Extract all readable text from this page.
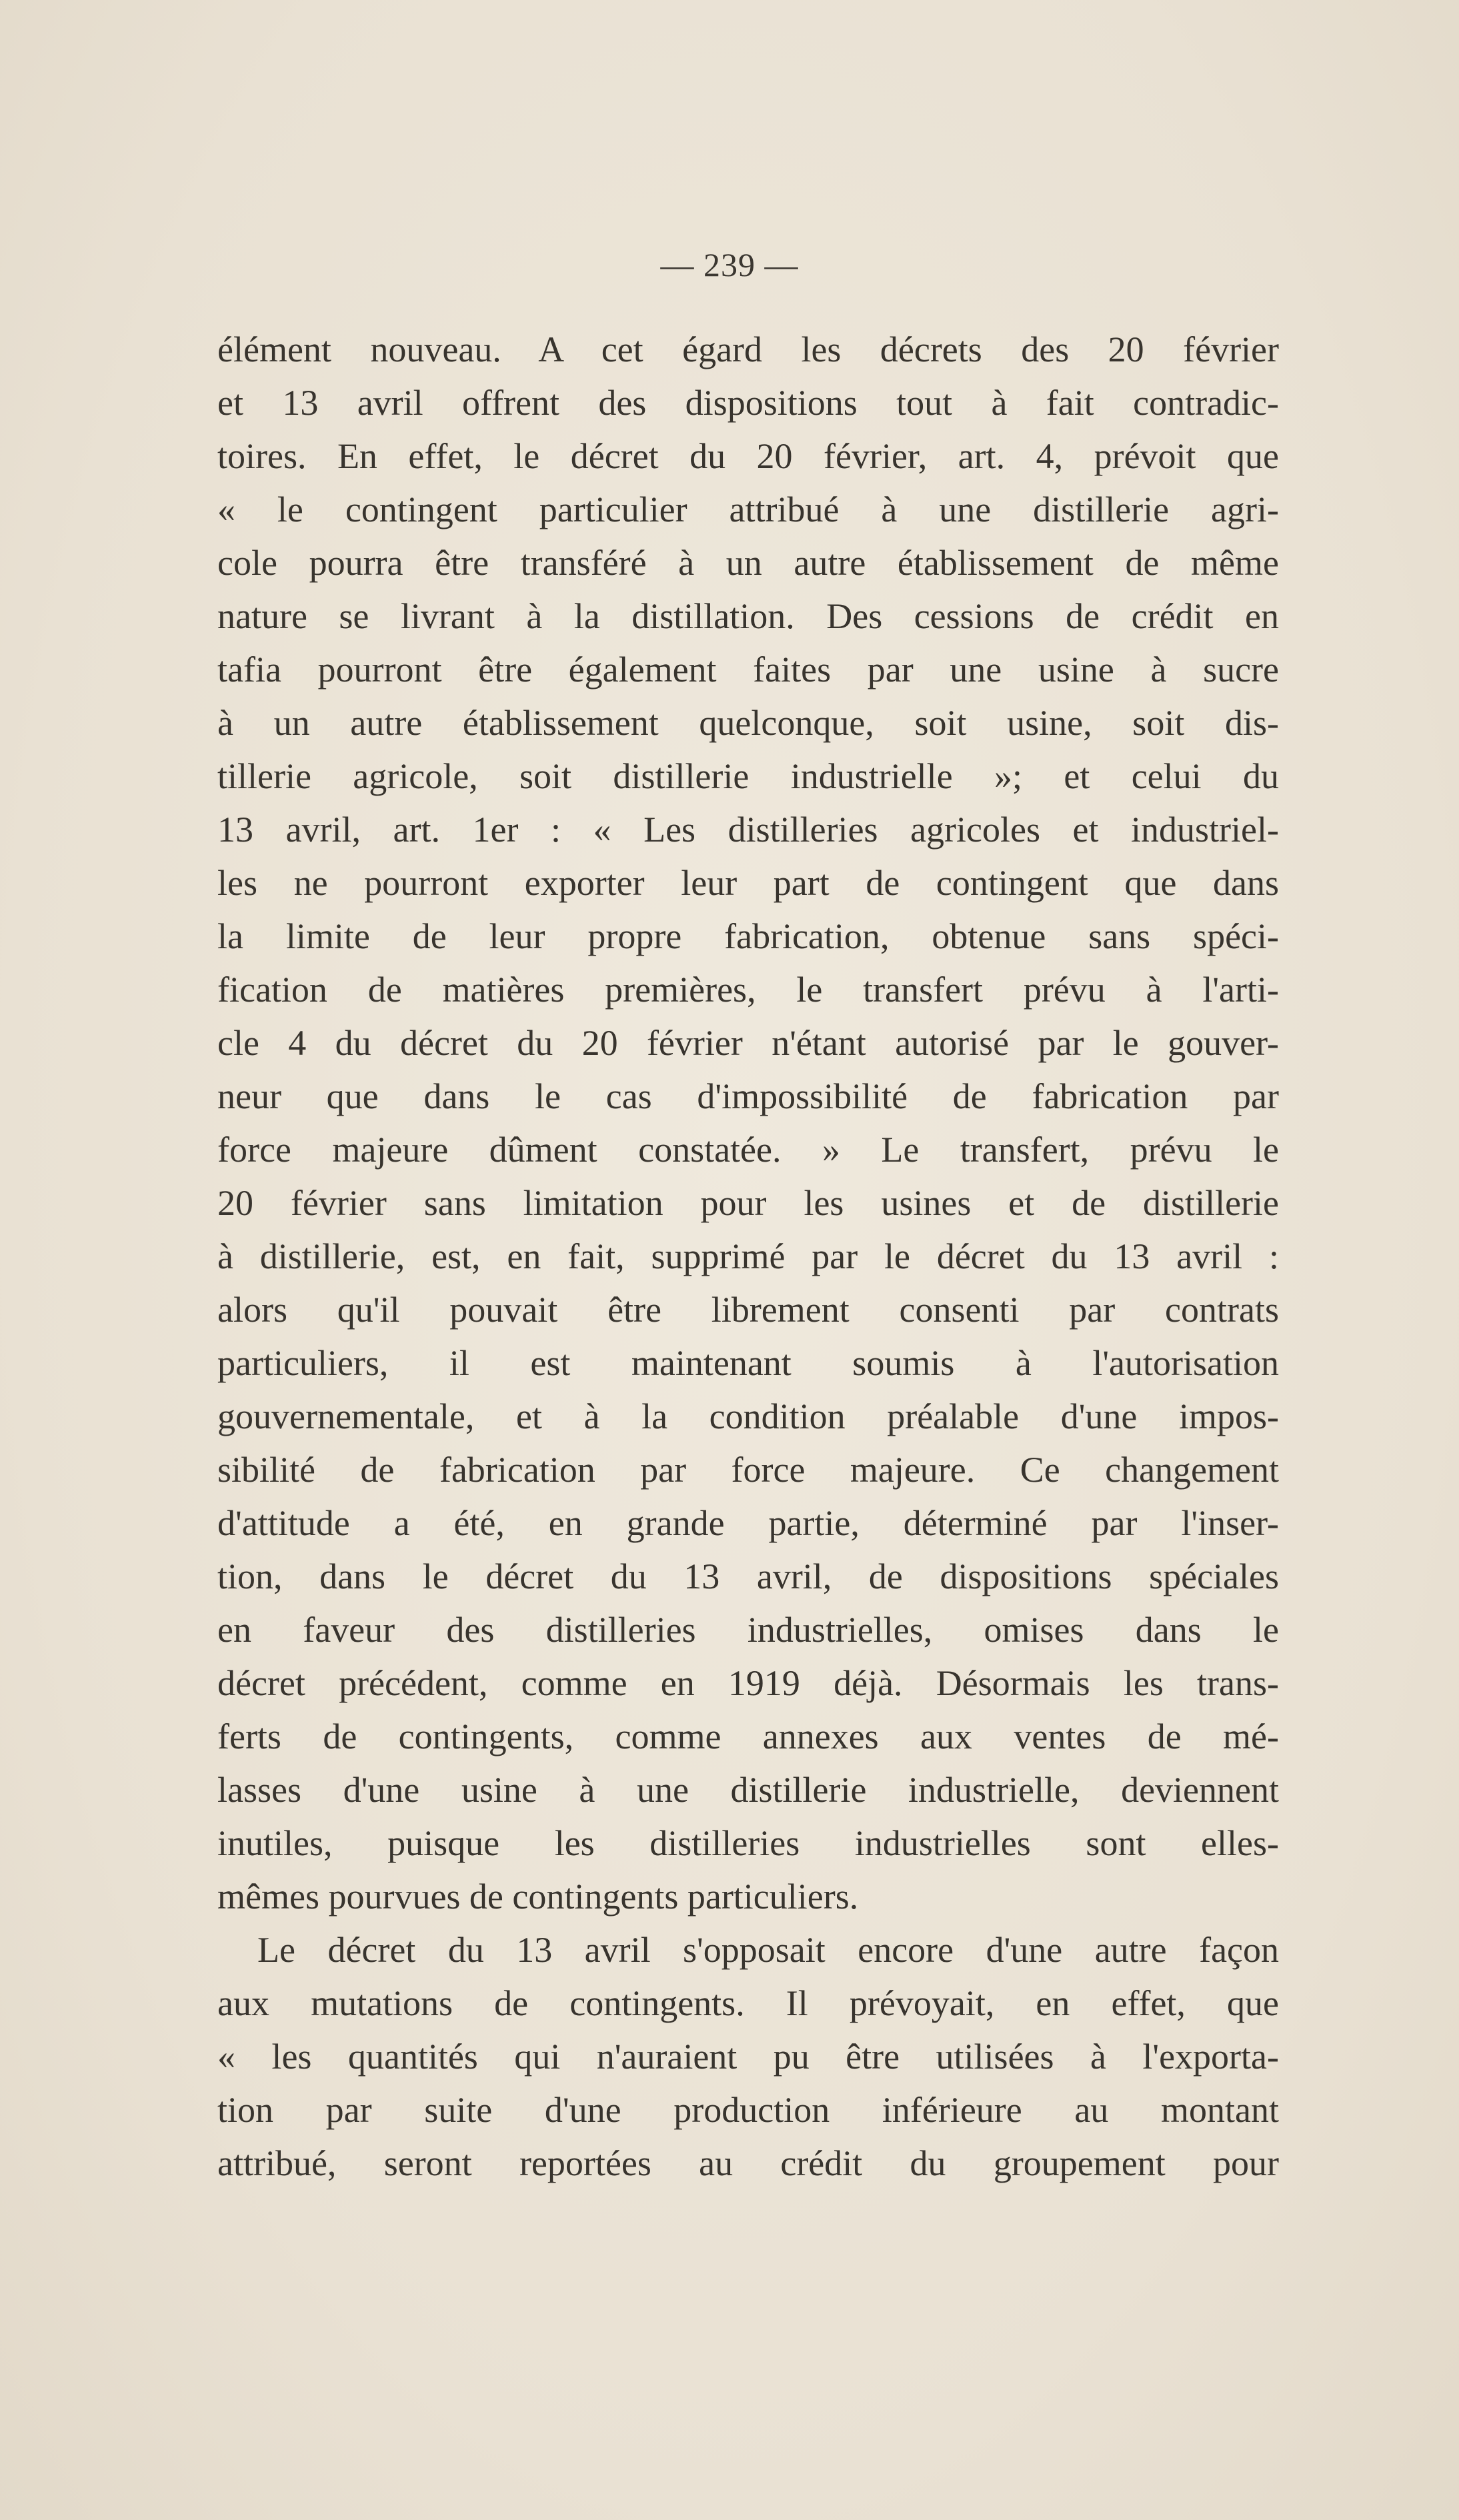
— 239 —
élément nouveau. A cet égard les décrets des 20 février
et 13 avril offrent des dispositions tout à fait contradic-
toires. En effet, le décret du 20 février, art. 4, prévoit que
« le contingent particulier attribué à une distillerie agri-
cole pourra être transféré à un autre établissement de même
nature se livrant à la distillation. Des cessions de crédit en
tafia pourront être également faites par une usine à sucre
à un autre établissement quelconque, soit usine, soit dis-
tillerie agricole, soit distillerie industrielle »; et celui du
13 avril, art. 1er : « Les distilleries agricoles et industriel-
les ne pourront exporter leur part de contingent que dans
la limite de leur propre fabrication, obtenue sans spéci-
fication de matières premières, le transfert prévu à l'arti-
cle 4 du décret du 20 février n'étant autorisé par le gouver-
neur que dans le cas d'impossibilité de fabrication par
force majeure dûment constatée. » Le transfert, prévu le
20 février sans limitation pour les usines et de distillerie
à distillerie, est, en fait, supprimé par le décret du 13 avril :
alors qu'il pouvait être librement consenti par contrats
particuliers, il est maintenant soumis à l'autorisation
gouvernementale, et à la condition préalable d'une impos-
sibilité de fabrication par force majeure. Ce changement
d'attitude a été, en grande partie, déterminé par l'inser-
tion, dans le décret du 13 avril, de dispositions spéciales
en faveur des distilleries industrielles, omises dans le
décret précédent, comme en 1919 déjà. Désormais les trans-
ferts de contingents, comme annexes aux ventes de mé-
lasses d'une usine à une distillerie industrielle, deviennent
inutiles, puisque les distilleries industrielles sont elles-
mêmes pourvues de contingents particuliers.
Le décret du 13 avril s'opposait encore d'une autre façon
aux mutations de contingents. Il prévoyait, en effet, que
« les quantités qui n'auraient pu être utilisées à l'exporta-
tion par suite d'une production inférieure au montant
attribué, seront reportées au crédit du groupement pour
